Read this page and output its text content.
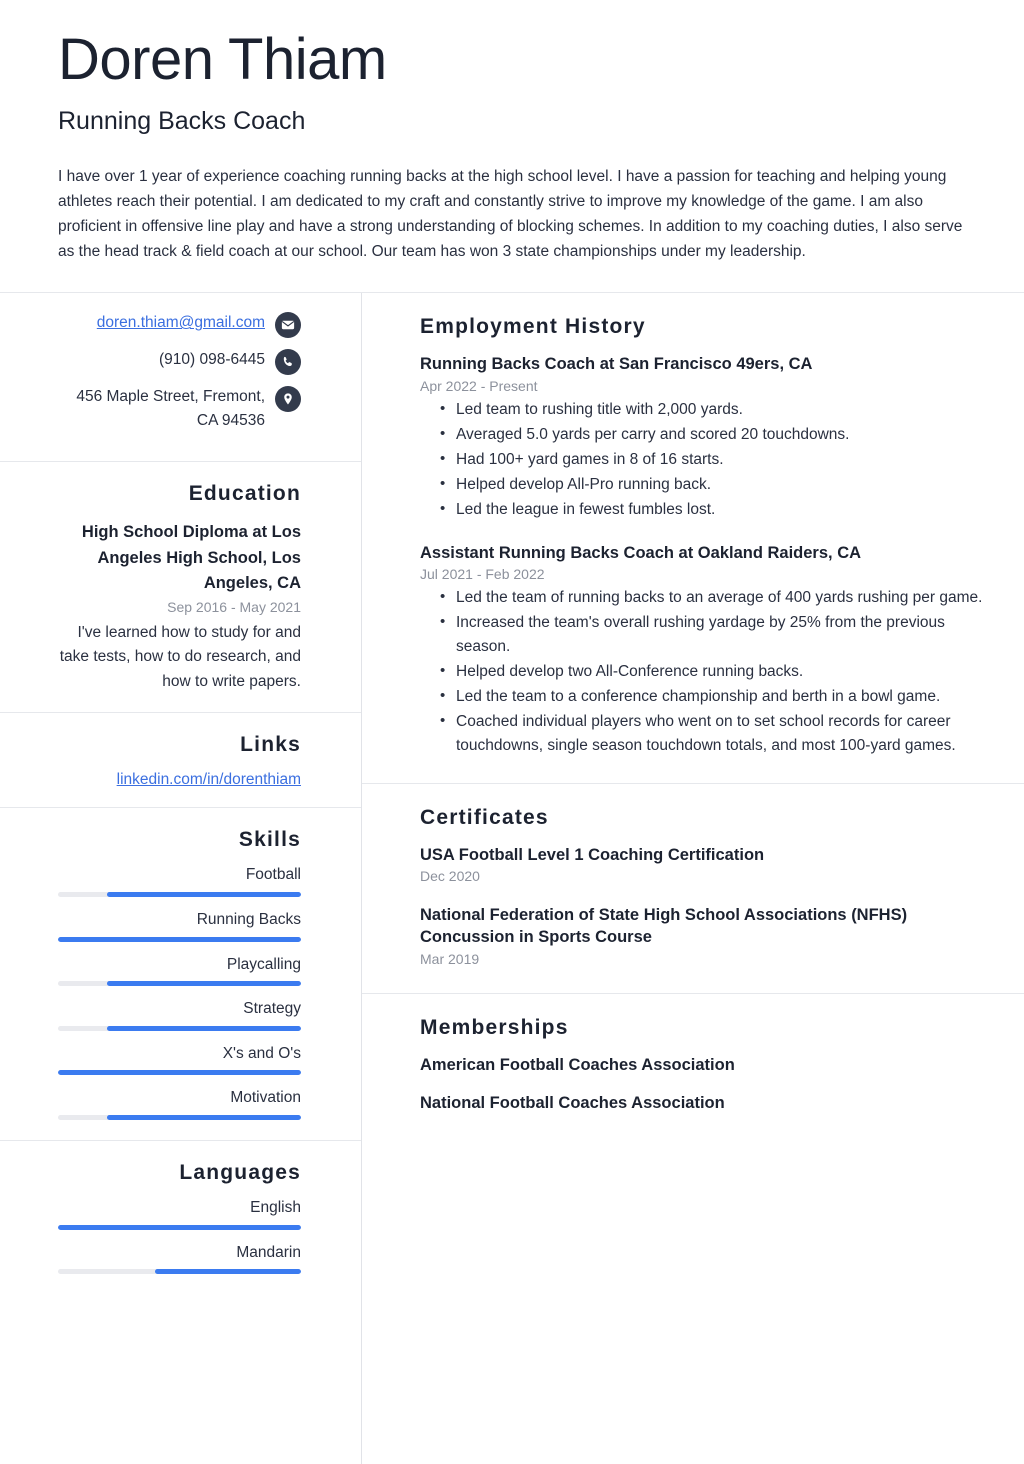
Doren Thiam
Running Backs Coach

I have over 1 year of experience coaching running backs at the high school level. I have a passion for teaching and helping young athletes reach their potential. I am dedicated to my craft and constantly strive to improve my knowledge of the game. I am also proficient in offensive line play and have a strong understanding of blocking schemes. In addition to my coaching duties, I also serve as the head track & field coach at our school. Our team has won 3 state championships under my leadership.

doren.thiam@gmail.com
(910) 098-6445
456 Maple Street, Fremont, CA 94536
Education

High School Diploma at Los Angeles High School, Los Angeles, CA

Sep 2016 - May 2021

I've learned how to study for and take tests, how to do research, and how to write papers.

Links

linkedin.com/in/dorenthiam

Skills
Football
Running Backs
Playcalling
Strategy
X's and O's
Motivation
Languages
English
Mandarin
Employment History

Running Backs Coach at San Francisco 49ers, CA

Apr 2022 - Present

• Led team to rushing title with 2,000 yards.
• Averaged 5.0 yards per carry and scored 20 touchdowns.
• Had 100+ yard games in 8 of 16 starts.
• Helped develop All-Pro running back.
• Led the league in fewest fumbles lost.

Assistant Running Backs Coach at Oakland Raiders, CA

Jul 2021 - Feb 2022

• Led the team of running backs to an average of 400 yards rushing per game.
• Increased the team's overall rushing yardage by 25% from the previous season.
• Helped develop two All-Conference running backs.
• Led the team to a conference championship and berth in a bowl game.
• Coached individual players who went on to set school records for career touchdowns, single season touchdown totals, and most 100-yard games.
Certificates

USA Football Level 1 Coaching Certification

Dec 2020

National Federation of State High School Associations (NFHS) Concussion in Sports Course

Mar 2019

Memberships

American Football Coaches Association

National Football Coaches Association
